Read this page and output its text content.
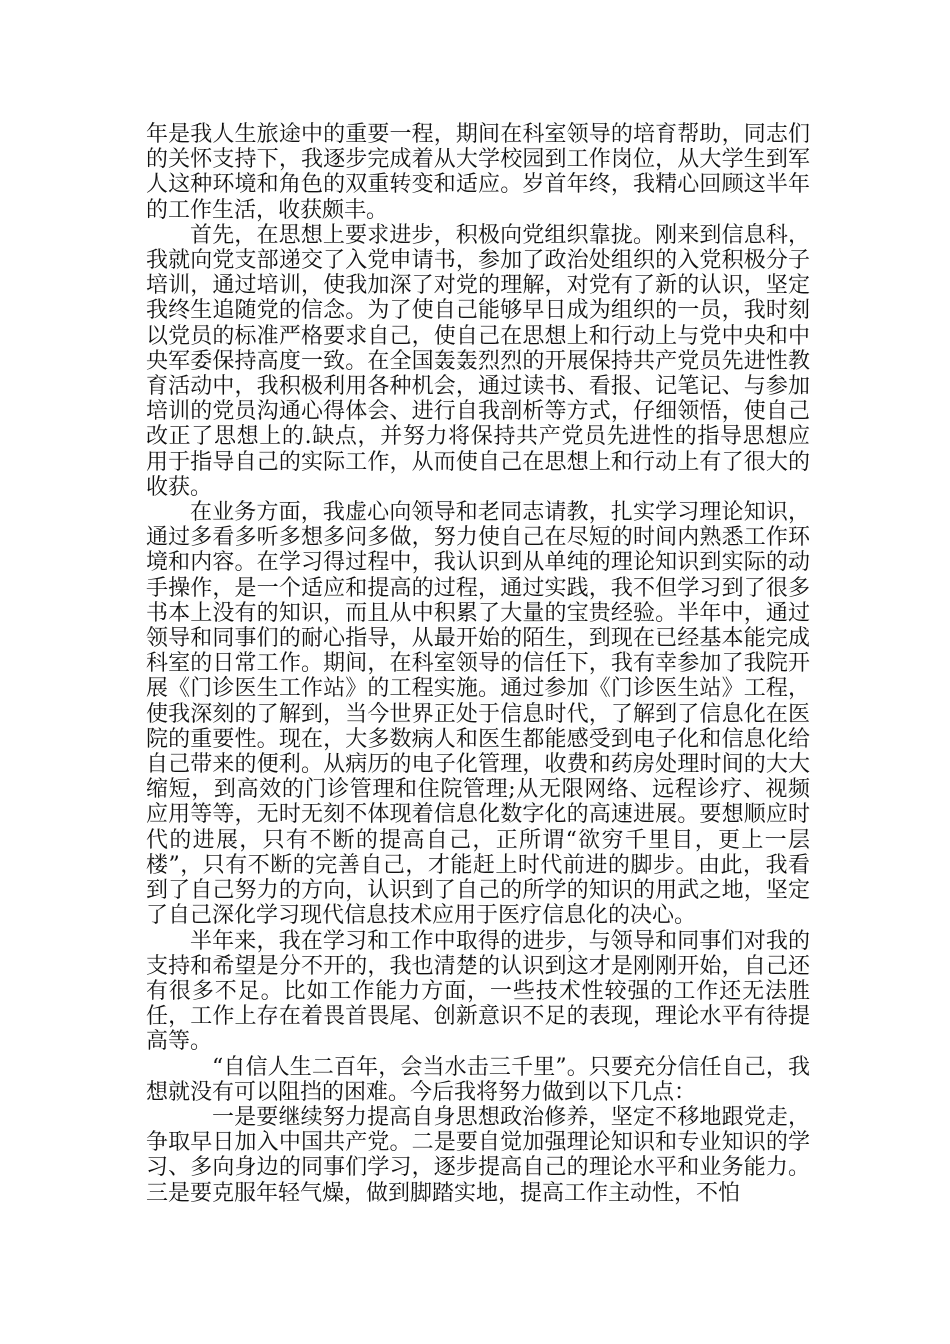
年是我人生旅途中的重要一程，期间在科室领导的培育帮助，同志们的关怀支持下，我逐步完成着从大学校园到工作岗位，从大学生到军人这种环境和角色的双重转变和适应。岁首年终，我精心回顾这半年的工作生活，收获颇丰。

首先，在思想上要求进步，积极向党组织靠拢。刚来到信息科，我就向党支部递交了入党申请书，参加了政治处组织的入党积极分子培训，通过培训，使我加深了对党的理解，对党有了新的认识，坚定我终生追随党的信念。为了使自己能够早日成为组织的一员，我时刻以党员的标准严格要求自己，使自己在思想上和行动上与党中央和中央军委保持高度一致。在全国轰轰烈烈的开展保持共产党员先进性教育活动中，我积极利用各种机会，通过读书、看报、记笔记、与参加培训的党员沟通心得体会、进行自我剖析等方式，仔细领悟，使自己改正了思想上的.缺点，并努力将保持共产党员先进性的指导思想应用于指导自己的实际工作，从而使自己在思想上和行动上有了很大的收获。

在业务方面，我虚心向领导和老同志请教，扎实学习理论知识，通过多看多听多想多问多做，努力使自己在尽短的时间内熟悉工作环境和内容。在学习得过程中，我认识到从单纯的理论知识到实际的动手操作，是一个适应和提高的过程，通过实践，我不但学习到了很多书本上没有的知识，而且从中积累了大量的宝贵经验。半年中，通过领导和同事们的耐心指导，从最开始的陌生，到现在已经基本能完成科室的日常工作。期间，在科室领导的信任下，我有幸参加了我院开展《门诊医生工作站》的工程实施。通过参加《门诊医生站》工程，使我深刻的了解到，当今世界正处于信息时代，了解到了信息化在医院的重要性。现在，大多数病人和医生都能感受到电子化和信息化给自己带来的便利。从病历的电子化管理，收费和药房处理时间的大大缩短，到高效的门诊管理和住院管理;从无限网络、远程诊疗、视频应用等等，无时无刻不体现着信息化数字化的高速进展。要想顺应时代的进展，只有不断的提高自己，正所谓“欲穷千里目，更上一层楼”，只有不断的完善自己，才能赶上时代前进的脚步。由此，我看到了自己努力的方向，认识到了自己的所学的知识的用武之地，坚定了自己深化学习现代信息技术应用于医疗信息化的决心。

半年来，我在学习和工作中取得的进步，与领导和同事们对我的支持和希望是分不开的，我也清楚的认识到这才是刚刚开始，自己还有很多不足。比如工作能力方面，一些技术性较强的工作还无法胜任，工作上存在着畏首畏尾、创新意识不足的表现，理论水平有待提高等。

“自信人生二百年，会当水击三千里”。只要充分信任自己，我想就没有可以阻挡的困难。今后我将努力做到以下几点：

一是要继续努力提高自身思想政治修养，坚定不移地跟党走，争取早日加入中国共产党。二是要自觉加强理论知识和专业知识的学习、多向身边的同事们学习，逐步提高自己的理论水平和业务能力。三是要克服年轻气燥，做到脚踏实地，提高工作主动性，不怕
